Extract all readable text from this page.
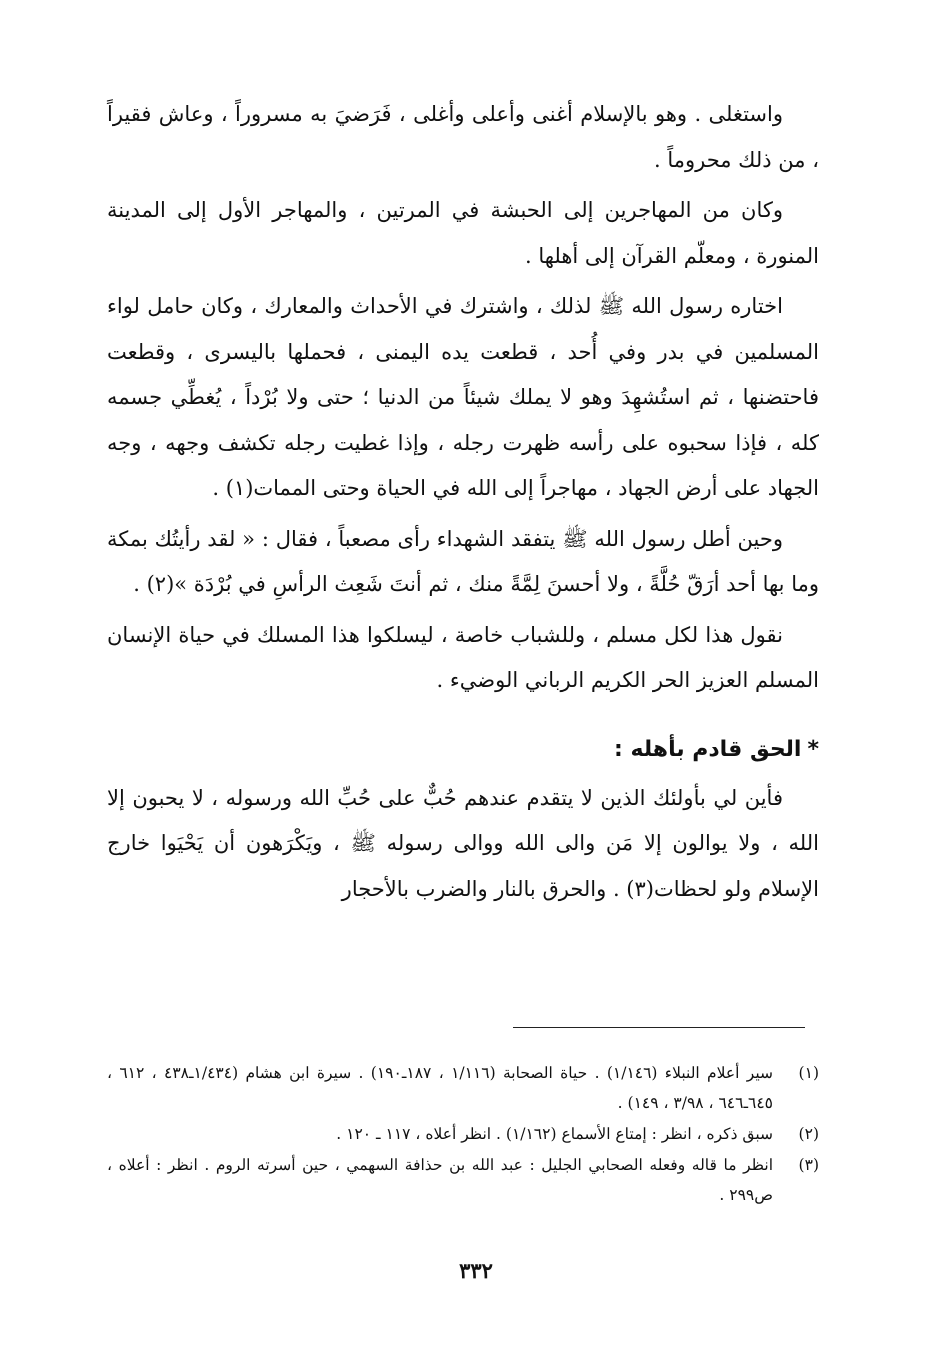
واستغلى . وهو بالإسلام أغنى وأعلى وأغلى ، فَرَضيَ به مسروراً ، وعاش فقيراً ، من ذلك محروماً .

وكان من المهاجرين إلى الحبشة في المرتين ، والمهاجر الأول إلى المدينة المنورة ، ومعلّم القرآن إلى أهلها .

اختاره رسول الله ﷺ لذلك ، واشترك في الأحداث والمعارك ، وكان حامل لواء المسلمين في بدر وفي أُحد ، قطعت يده اليمنى ، فحملها باليسرى ، وقطعت فاحتضنها ، ثم استُشهِدَ وهو لا يملك شيئاً من الدنيا ؛ حتى ولا بُرْداً ، يُغطِّي جسمه كله ، فإذا سحبوه على رأسه ظهرت رجله ، وإذا غطيت رجله تكشف وجهه ، وجه الجهاد على أرض الجهاد ، مهاجراً إلى الله في الحياة وحتى الممات(١) .

وحين أطل رسول الله ﷺ يتفقد الشهداء رأى مصعباً ، فقال : « لقد رأيتُك بمكة وما بها أحد أرَقّ حُلَّةً ، ولا أحسنَ لِمَّةً منك ، ثم أنتَ شَعِث الرأسِ في بُرْدَة »(٢) .

نقول هذا لكل مسلم ، وللشباب خاصة ، ليسلكوا هذا المسلك في حياة الإنسان المسلم العزيز الحر الكريم الرباني الوضيء .

*الحق قادم بأهله :

فأين لي بأولئك الذين لا يتقدم عندهم حُبٌّ على حُبِّ الله ورسوله ، لا يحبون إلا الله ، ولا يوالون إلا مَن والى الله ووالى رسوله ﷺ ، ويَكْرَهون أن يَحْيَوا خارج الإسلام ولو لحظات(٣) . والحرق بالنار والضرب بالأحجار

(١)
سير أعلام النبلاء (١/١٤٦) . حياة الصحابة (١/١١٦ ، ١٨٧ـ١٩٠) . سيرة ابن هشام (١/٤٣٤ـ٤٣٨ ، ٦١٢ ، ٦٤٥ـ٦٤٦ ، ٣/٩٨ ، ١٤٩) .
(٢)
سبق ذكره ، انظر : إمتاع الأسماع (١/١٦٢) . انظر أعلاه ، ١١٧ ـ ١٢٠ .
(٣)
انظر ما قاله وفعله الصحابي الجليل : عبد الله بن حذافة السهمي ، حين أسرته الروم . انظر : أعلاه ، ص٢٩٩ .
٣٣٢
